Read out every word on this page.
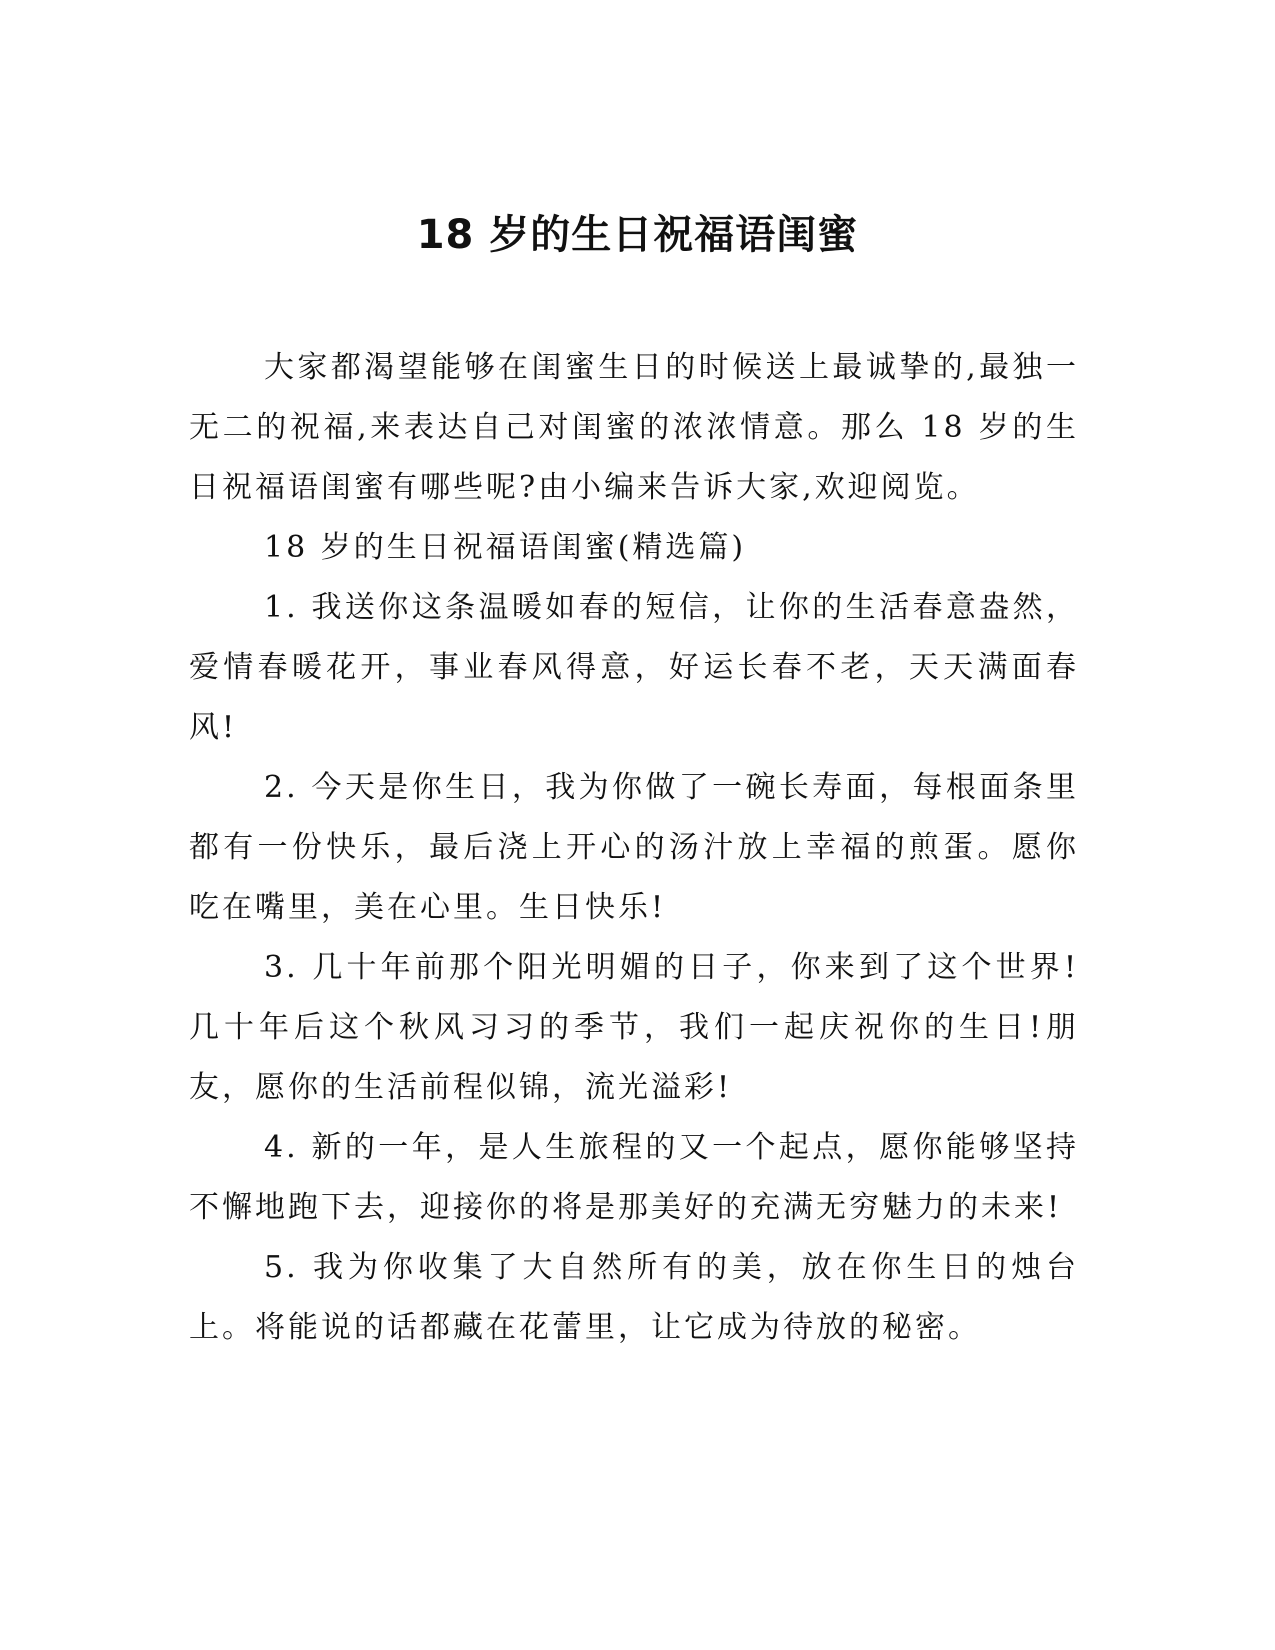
18 岁的生日祝福语闺蜜

大家都渴望能够在闺蜜生日的时候送上最诚挚的,最独一无二的祝福,来表达自己对闺蜜的浓浓情意。那么 18 岁的生日祝福语闺蜜有哪些呢?由小编来告诉大家,欢迎阅览。

18 岁的生日祝福语闺蜜(精选篇)

1. 我送你这条温暖如春的短信，让你的生活春意盎然，爱情春暖花开，事业春风得意，好运长春不老，天天满面春风!

2. 今天是你生日，我为你做了一碗长寿面，每根面条里都有一份快乐，最后浇上开心的汤汁放上幸福的煎蛋。愿你吃在嘴里，美在心里。生日快乐!

3. 几十年前那个阳光明媚的日子，你来到了这个世界!几十年后这个秋风习习的季节，我们一起庆祝你的生日!朋友，愿你的生活前程似锦，流光溢彩!

4. 新的一年，是人生旅程的又一个起点，愿你能够坚持不懈地跑下去，迎接你的将是那美好的充满无穷魅力的未来!

5. 我为你收集了大自然所有的美，放在你生日的烛台上。将能说的话都藏在花蕾里，让它成为待放的秘密。
